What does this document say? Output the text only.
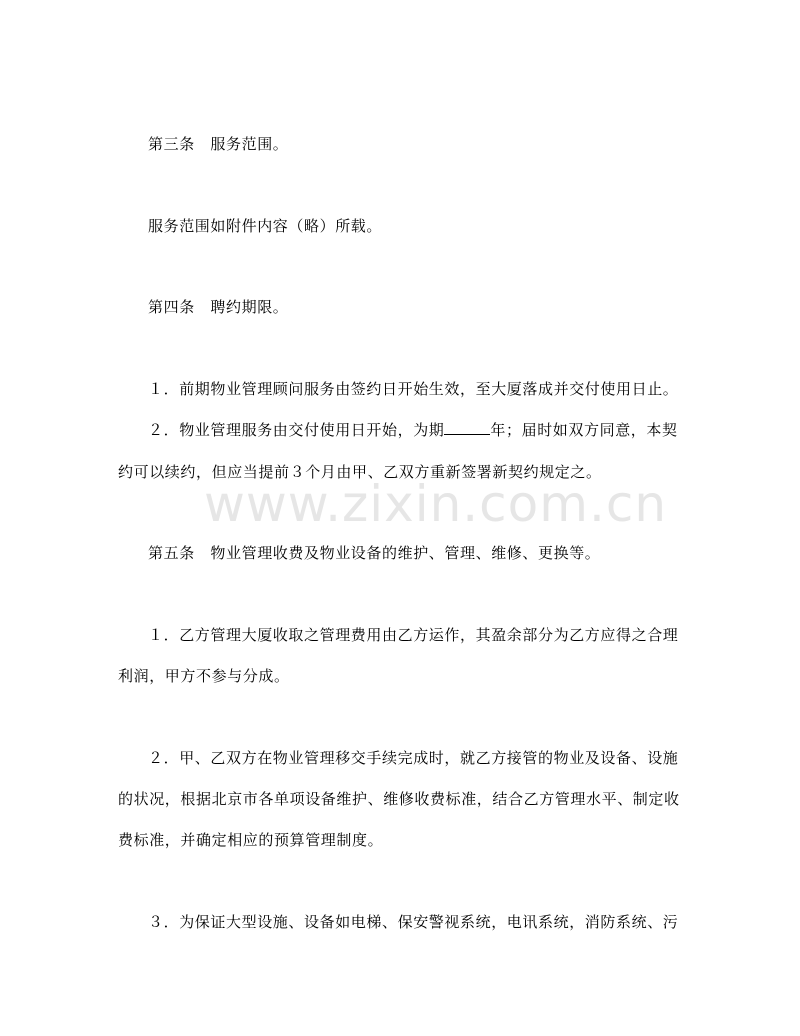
www.zixin.com.cn
第三条　服务范围。
服务范围如附件内容（略）所载。
第四条　聘约期限。
１．前期物业管理顾问服务由签约日开始生效，至大厦落成并交付使用日止。
２．物业管理服务由交付使用日开始，为期	年；届时如双方同意，本契
约可以续约，但应当提前３个月由甲、乙双方重新签署新契约规定之。
第五条　物业管理收费及物业设备的维护、管理、维修、更换等。
１．乙方管理大厦收取之管理费用由乙方运作，其盈余部分为乙方应得之合理
利润，甲方不参与分成。
２．甲、乙双方在物业管理移交手续完成时，就乙方接管的物业及设备、设施
的状况，根据北京市各单项设备维护、维修收费标准，结合乙方管理水平、制定收
费标准，并确定相应的预算管理制度。
３．为保证大型设施、设备如电梯、保安警视系统，电讯系统，消防系统、污
